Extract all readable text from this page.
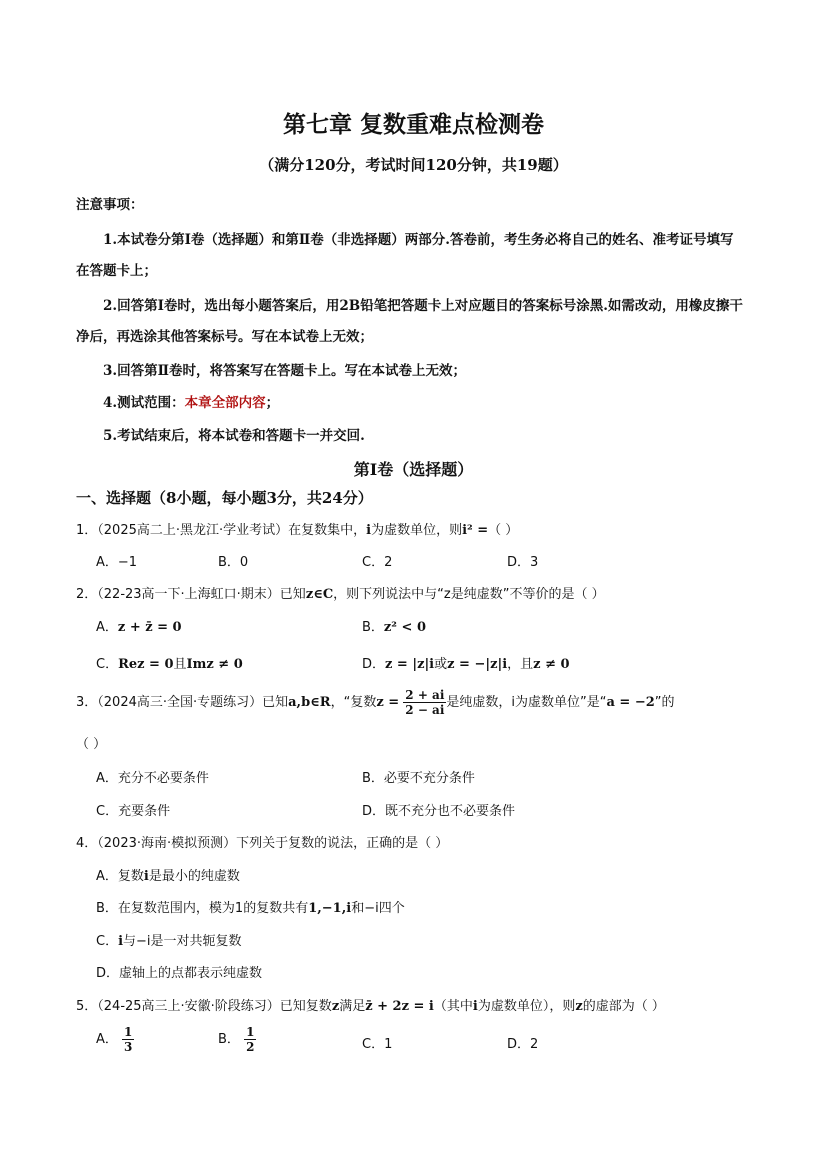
第七章 复数重难点检测卷
（满分120分，考试时间120分钟，共19题）
注意事项：
1.本试卷分第Ⅰ卷（选择题）和第Ⅱ卷（非选择题）两部分.答卷前，考生务必将自己的姓名、准考证号填写
在答题卡上；
2.回答第Ⅰ卷时，选出每小题答案后，用2B铅笔把答题卡上对应题目的答案标号涂黑.如需改动，用橡皮擦干
净后，再选涂其他答案标号。写在本试卷上无效；
3.回答第Ⅱ卷时，将答案写在答题卡上。写在本试卷上无效；
4.测试范围：本章全部内容；
5.考试结束后，将本试卷和答题卡一并交回.
第Ⅰ卷（选择题）
一、选择题（8小题，每小题3分，共24分）
1．（2025高二上·黑龙江·学业考试）在复数集中，i为虚数单位，则i² =（ ）
A．−1	B．0	C．2	D．3
2．（22-23高一下·上海虹口·期末）已知z∈C，则下列说法中与“z是纯虚数”不等价的是（ ）
A．z + z̄ = 0	B．z² < 0
C．Rez = 0且Imz ≠ 0	D．z = |z|i或z = −|z|i，且z ≠ 0
3．（2024高三·全国·专题练习）已知a,b∈R，“复数$z = \frac{2 + ai}{2 - ai}$ 是纯虚数，i为虚数单位”是“a = −2”的
（ ）
A．充分不必要条件	B．必要不充分条件
C．充要条件	D．既不充分也不必要条件
4．（2023·海南·模拟预测）下列关于复数的说法，正确的是（ ）
A．复数i是最小的纯虚数
B．在复数范围内，模为1的复数共有1,−1,i和−i四个
C．i与−i是一对共轭复数
D．虚轴上的点都表示纯虚数
5．（24-25高三上·安徽·阶段练习）已知复数z满足z̄ + 2z = i（其中i为虚数单位），则z的虚部为（ ）
A． $\frac{1}{3}$	B． $\frac{1}{2}$	C．1	D．2
